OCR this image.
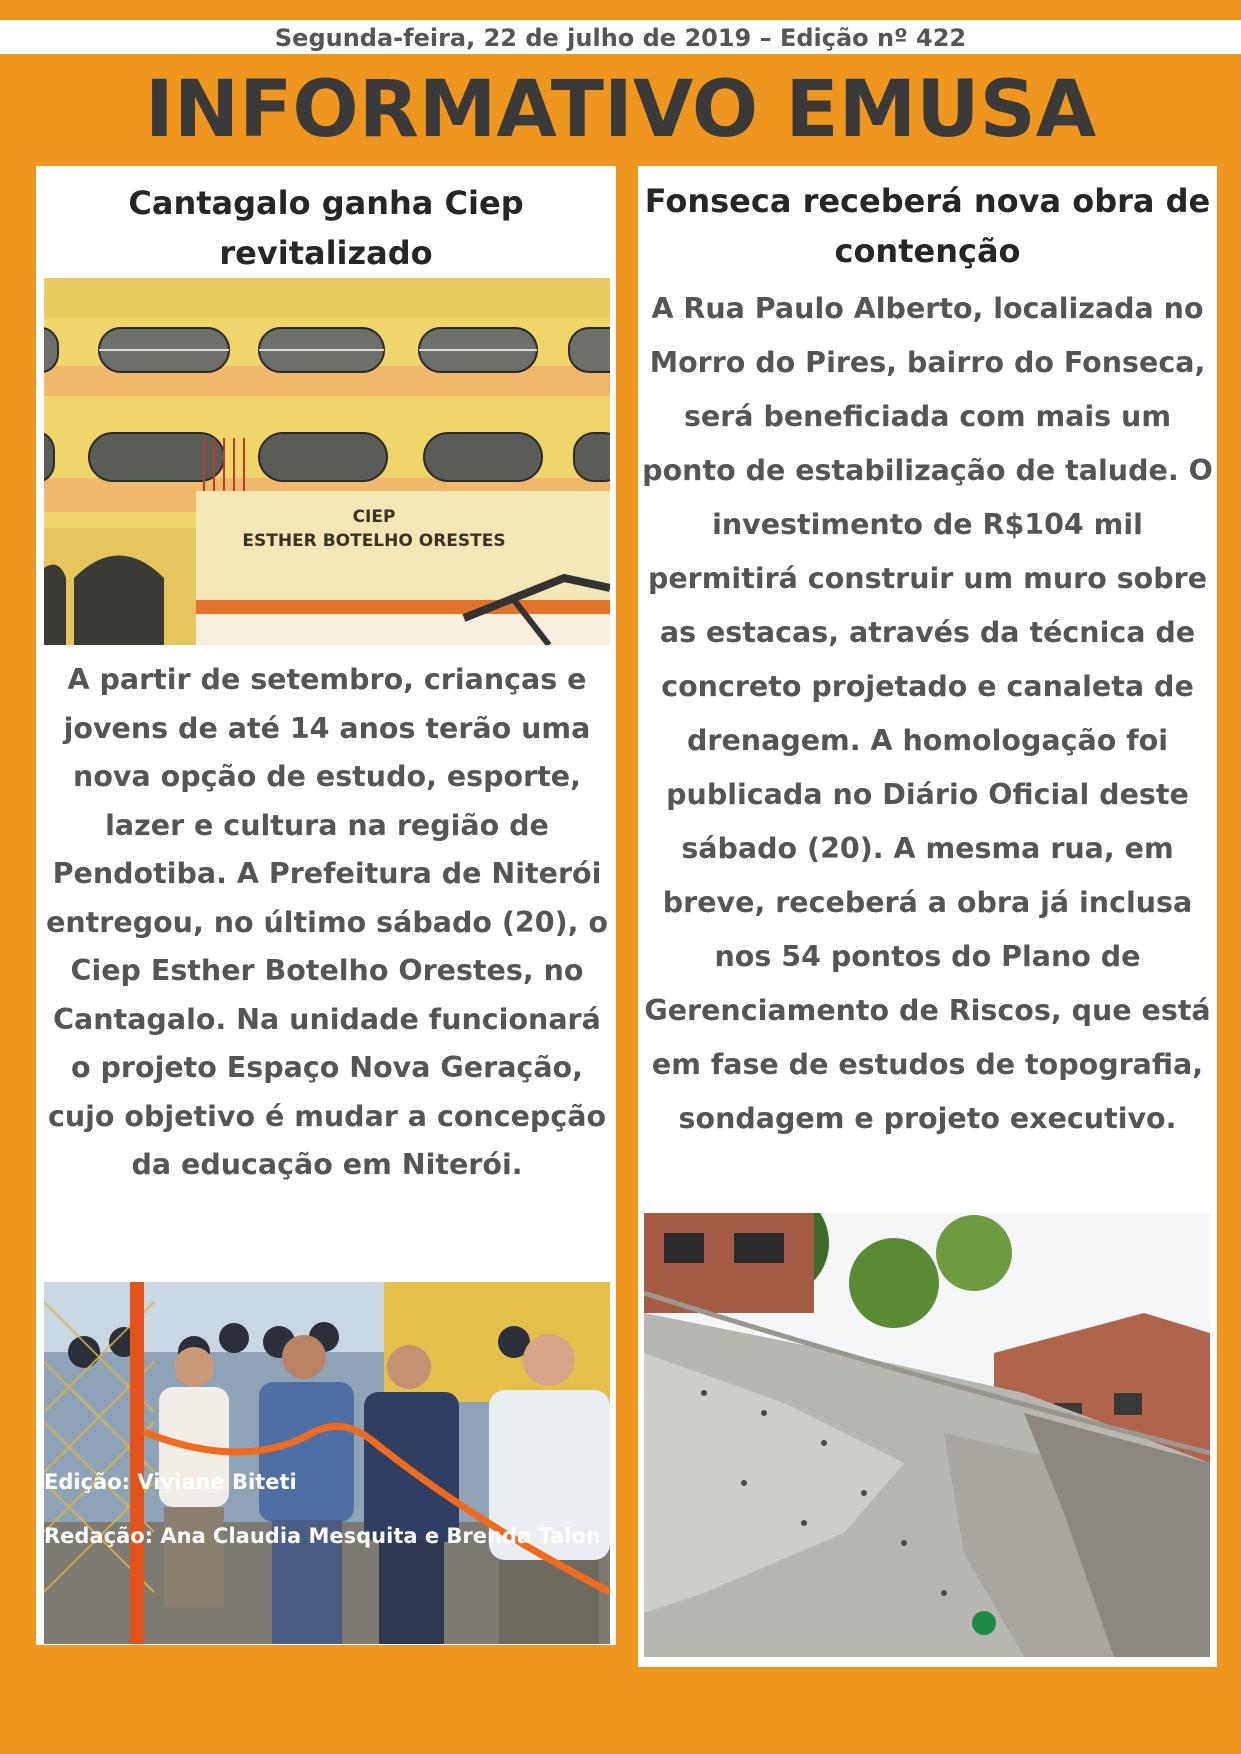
Segunda-feira, 22 de julho de 2019 – Edição nº 422
INFORMATIVO EMUSA
Cantagalo ganha Ciep revitalizado
CIEP
ESTHER BOTELHO ORESTES
A partir de setembro, crianças e jovens de até 14 anos terão uma nova opção de estudo, esporte, lazer e cultura na região de Pendotiba. A Prefeitura de Niterói entregou, no último sábado (20), o Ciep Esther Botelho Orestes, no Cantagalo. Na unidade funcionará o projeto Espaço Nova Geração, cujo objetivo é mudar a concepção da educação em Niterói.
Fonseca receberá nova obra de contenção
A Rua Paulo Alberto, localizada no Morro do Pires, bairro do Fonseca, será beneficiada com mais um ponto de estabilização de talude. O investimento de R$104 mil permitirá construir um muro sobre as estacas, através da técnica de concreto projetado e canaleta de drenagem. A homologação foi publicada no Diário Oficial deste sábado (20). A mesma rua, em breve, receberá a obra já inclusa nos 54 pontos do Plano de Gerenciamento de Riscos, que está em fase de estudos de topografia, sondagem e projeto executivo.
Edição: Viviane Biteti
Redação: Ana Claudia Mesquita e Brenda Talon
